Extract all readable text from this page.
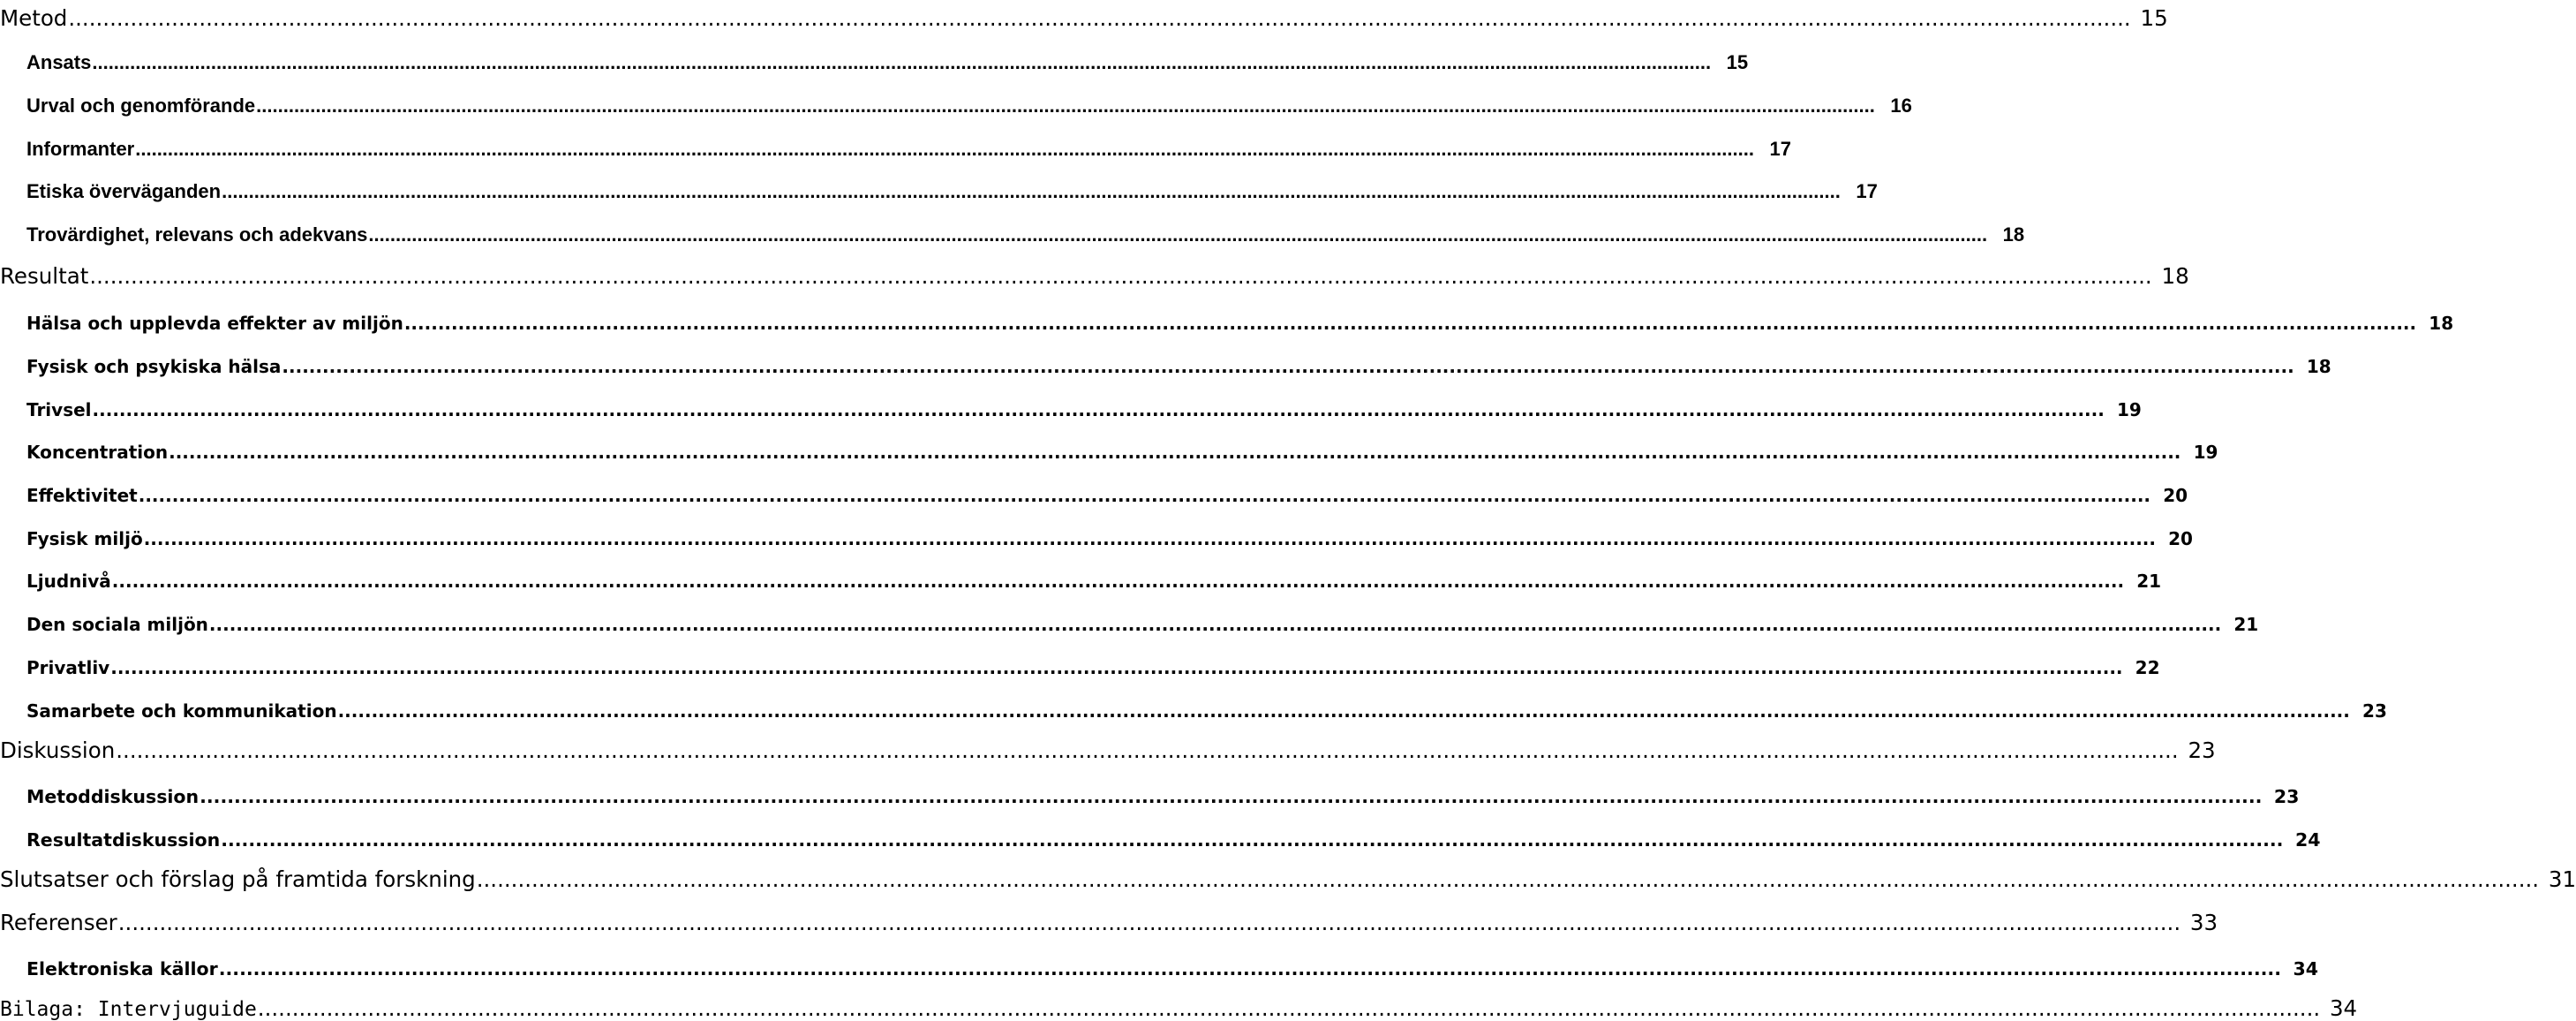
Metod ............................................................................................................................................................................................................................................................................................................ 15
Ansats ............................................................................................................................................................................................................................................................................................................ 15
Urval och genomförande ............................................................................................................................................................................................................................................................................................................ 16
Informanter ............................................................................................................................................................................................................................................................................................................ 17
Etiska överväganden ............................................................................................................................................................................................................................................................................................................ 17
Trovärdighet, relevans och adekvans ............................................................................................................................................................................................................................................................................................................ 18
Resultat ............................................................................................................................................................................................................................................................................................................ 18
Hälsa och upplevda effekter av miljön ............................................................................................................................................................................................................................................................................................................ 18
Fysisk och psykiska hälsa ............................................................................................................................................................................................................................................................................................................ 18
Trivsel ............................................................................................................................................................................................................................................................................................................ 19
Koncentration ............................................................................................................................................................................................................................................................................................................ 19
Effektivitet ............................................................................................................................................................................................................................................................................................................ 20
Fysisk miljö ............................................................................................................................................................................................................................................................................................................ 20
Ljudnivå ............................................................................................................................................................................................................................................................................................................ 21
Den sociala miljön ............................................................................................................................................................................................................................................................................................................ 21
Privatliv ............................................................................................................................................................................................................................................................................................................ 22
Samarbete och kommunikation ............................................................................................................................................................................................................................................................................................................ 23
Diskussion ............................................................................................................................................................................................................................................................................................................ 23
Metoddiskussion ............................................................................................................................................................................................................................................................................................................ 23
Resultatdiskussion ............................................................................................................................................................................................................................................................................................................ 24
Slutsatser och förslag på framtida forskning ............................................................................................................................................................................................................................................................................................................ 31
Referenser ............................................................................................................................................................................................................................................................................................................ 33
Elektroniska källor ............................................................................................................................................................................................................................................................................................................ 34
Bilaga: Intervjuguide ............................................................................................................................................................................................................................................................................................................ 34
